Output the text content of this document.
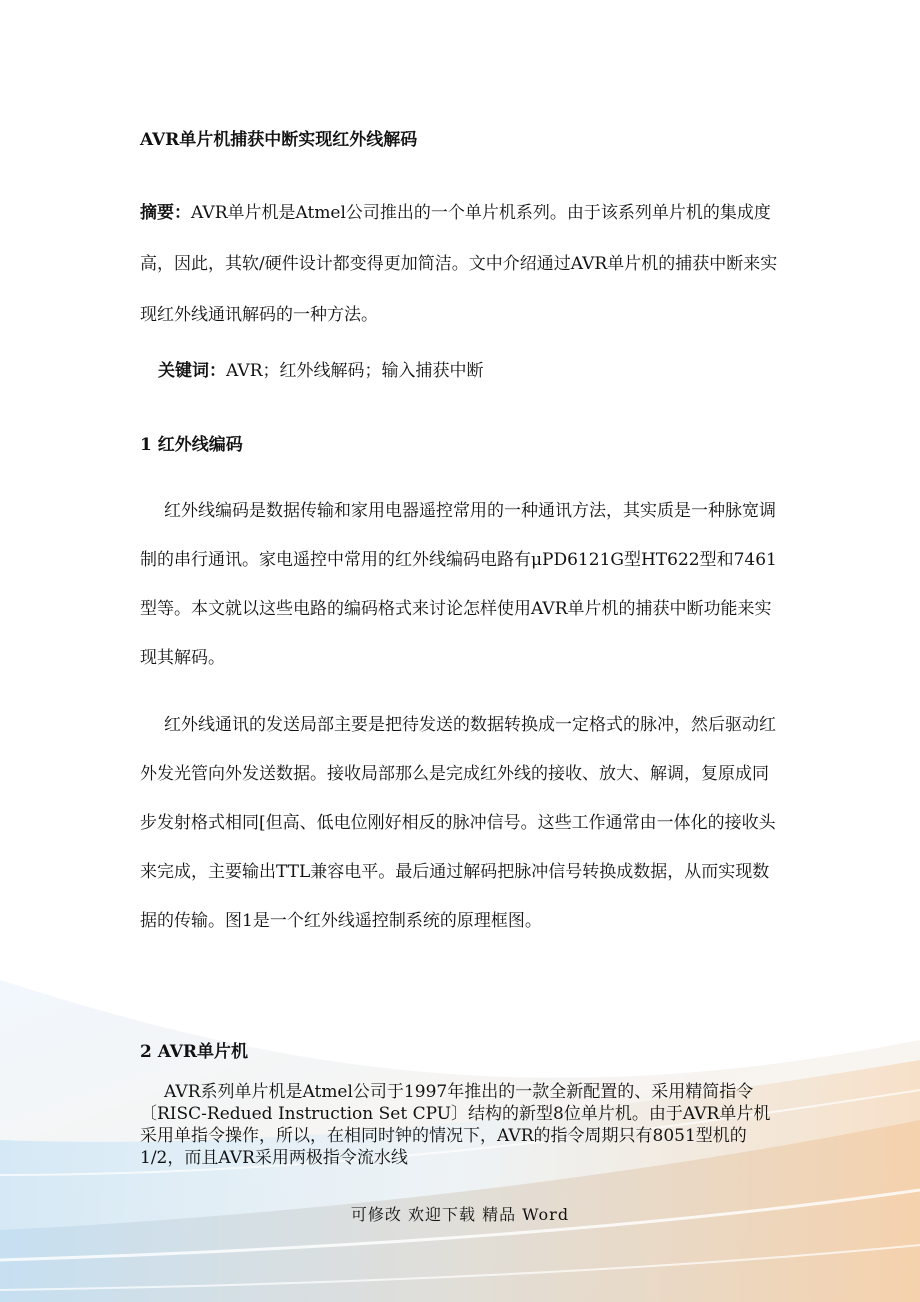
AVR单片机捕获中断实现红外线解码
摘要：AVR单片机是Atmel公司推出的一个单片机系列。由于该系列单片机的集成度高，因此，其软/硬件设计都变得更加简洁。文中介绍通过AVR单片机的捕获中断来实现红外线通讯解码的一种方法。
关键词：AVR；红外线解码；输入捕获中断
1 红外线编码
红外线编码是数据传输和家用电器遥控常用的一种通讯方法，其实质是一种脉宽调制的串行通讯。家电遥控中常用的红外线编码电路有μPD6121G型HT622型和7461型等。本文就以这些电路的编码格式来讨论怎样使用AVR单片机的捕获中断功能来实现其解码。
红外线通讯的发送局部主要是把待发送的数据转换成一定格式的脉冲，然后驱动红外发光管向外发送数据。接收局部那么是完成红外线的接收、放大、解调，复原成同步发射格式相同[但高、低电位刚好相反的脉冲信号。这些工作通常由一体化的接收头来完成，主要输出TTL兼容电平。最后通过解码把脉冲信号转换成数据，从而实现数据的传输。图1是一个红外线遥控制系统的原理框图。
2 AVR单片机
AVR系列单片机是Atmel公司于1997年推出的一款全新配置的、采用精简指令〔RISC-Redued Instruction Set CPU〕结构的新型8位单片机。由于AVR单片机采用单指令操作，所以，在相同时钟的情况下，AVR的指令周期只有8051型机的1/2，而且AVR采用两极指令流水线
可修改 欢迎下载 精品 Word
